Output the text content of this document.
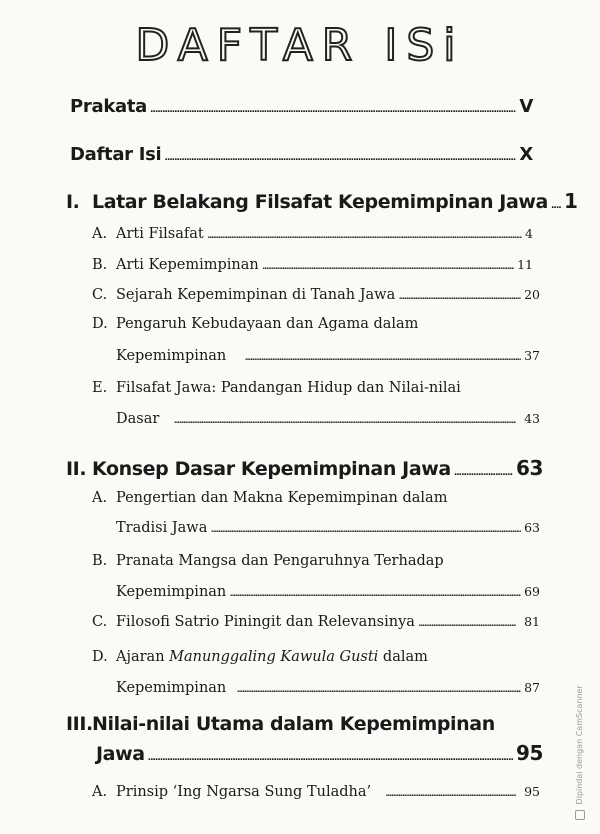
DAFTAR ISi
Prakata .....	V
Daftar Isi .....	X
I. Latar Belakang Filsafat Kepemimpinan Jawa ..... 1
A. Arti Filsafat .....	4
B. Arti Kepemimpinan .....	11
C. Sejarah Kepemimpinan di Tanah Jawa .....	20
D. Pengaruh Kebudayaan dan Agama dalam
Kepemimpinan .....	37
E. Filsafat Jawa: Pandangan Hidup dan Nilai-nilai
Dasar .....	43
II. Konsep Dasar Kepemimpinan Jawa .....	63
A. Pengertian dan Makna Kepemimpinan dalam
Tradisi Jawa .....	63
B. Pranata Mangsa dan Pengaruhnya Terhadap
Kepemimpinan .....	69
C. Filosofi Satrio Piningit dan Relevansinya .....	81
D. Ajaran Manunggaling Kawula Gusti dalam
Kepemimpinan .....	87
III.Nilai-nilai Utama dalam Kepemimpinan
Jawa .....	95
A. Prinsip ‘Ing Ngarsa Sung Tuladha’ .....	95	Dipindai dengan CamScanner
